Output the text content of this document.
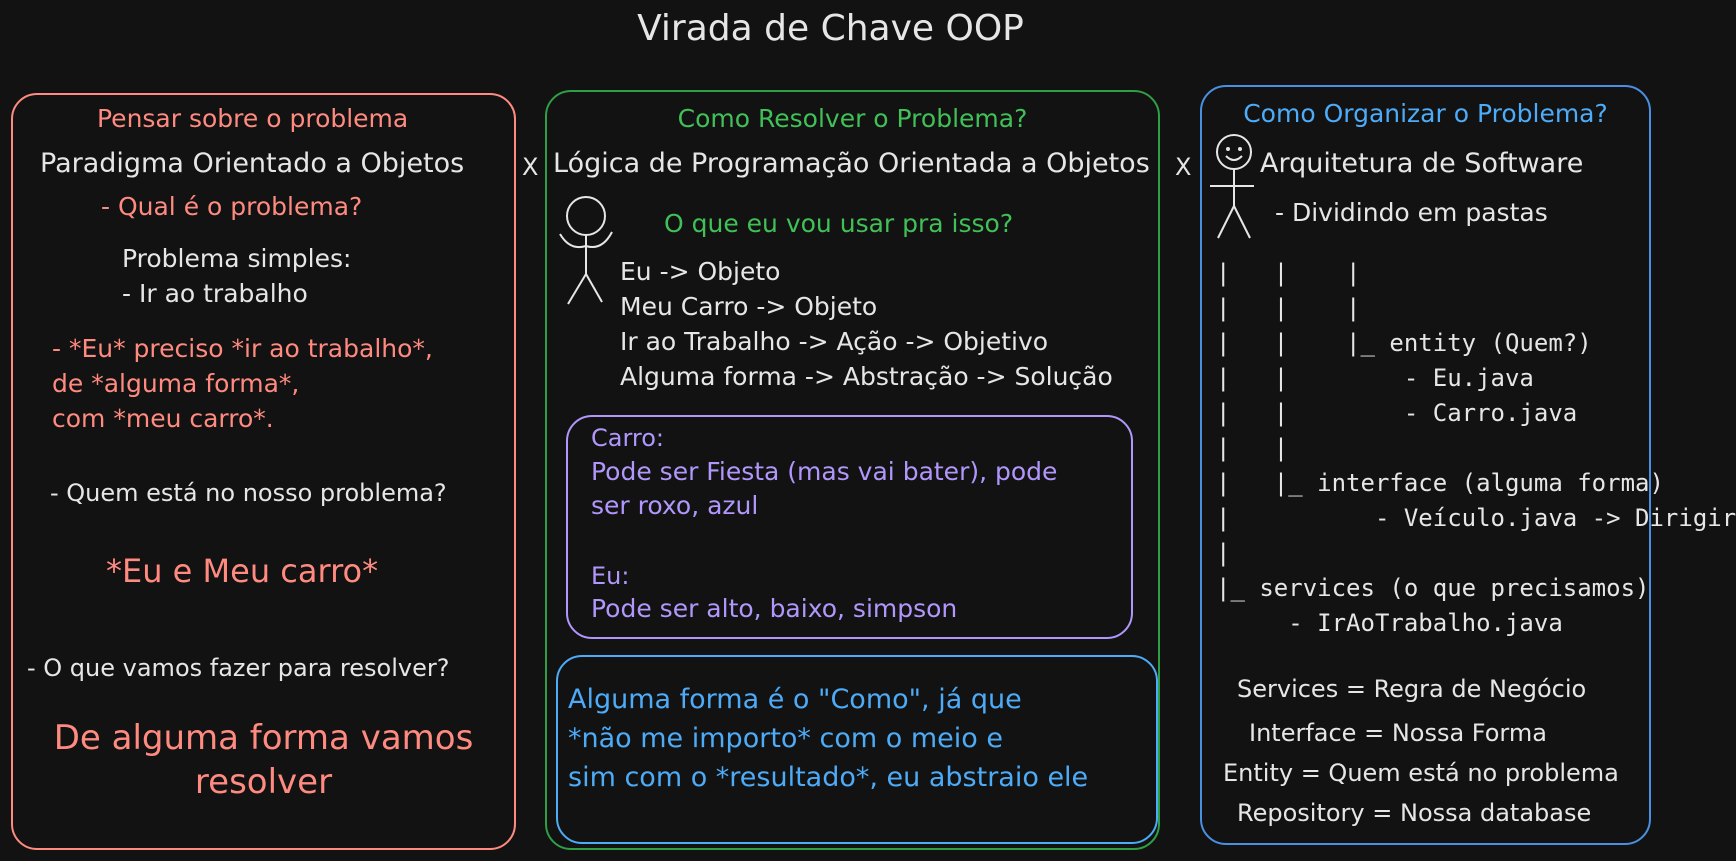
Virada de Chave OOP
Pensar sobre o problema
Paradigma Orientado a Objetos
- Qual é o problema?
Problema simples:
- Ir ao trabalho
- *Eu* preciso *ir ao trabalho*,
de *alguma forma*,
com *meu carro*.
- Quem está no nosso problema?
*Eu e Meu carro*
- O que vamos fazer para resolver?
De alguma forma vamos
resolver
X	X
Como Resolver o Problema?
Lógica de Programação Orientada a Objetos
O que eu vou usar pra isso?
Eu -> Objeto
Meu Carro -> Objeto
Ir ao Trabalho -> Ação -> Objetivo
Alguma forma -> Abstração -> Solução
Carro:
Pode ser Fiesta (mas vai bater), pode
ser roxo, azul
Eu:
Pode ser alto, baixo, simpson
Alguma forma é o "Como", já que
*não me importo* com o meio e
sim com o *resultado*, eu abstraio ele
Como Organizar o Problema?
Arquitetura de Software
- Dividindo em pastas
|   |    |
|   |    |
|   |    |_ entity (Quem?)
|   |        - Eu.java
|   |        - Carro.java
|   |
|   |_ interface (alguma forma)
|          - Veículo.java -> Dirigir
|
|_ services (o que precisamos)
- IrAoTrabalho.java
Services = Regra de Negócio
Interface = Nossa Forma
Entity = Quem está no problema
Repository = Nossa database
